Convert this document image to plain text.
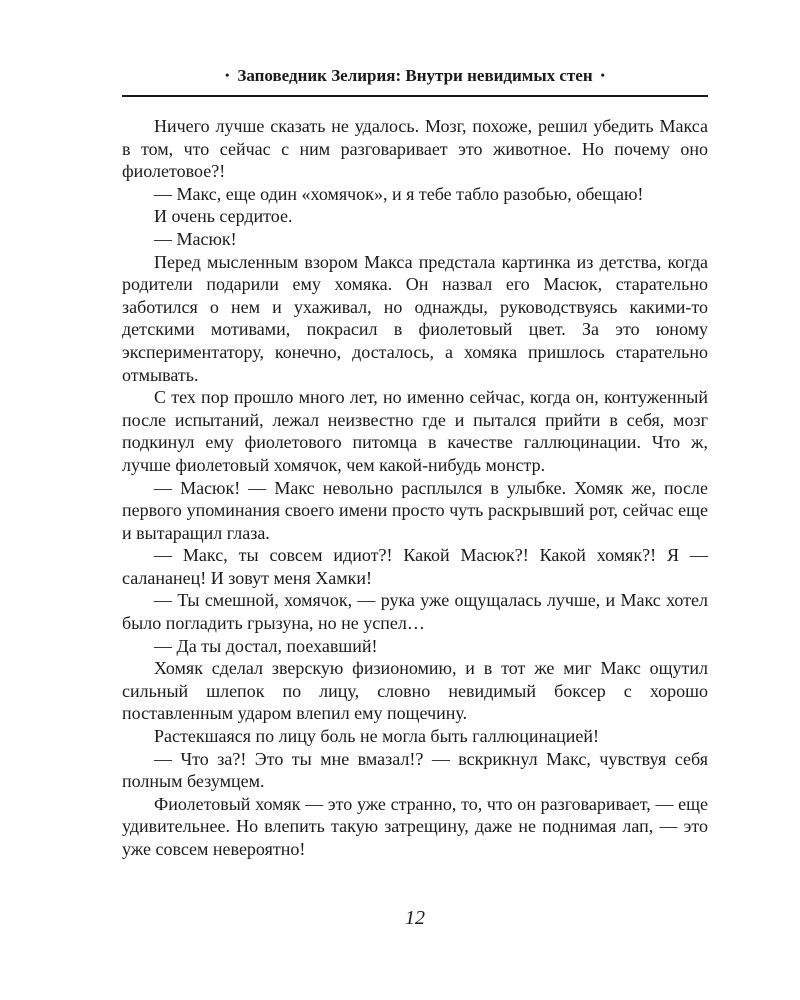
• Заповедник Зелирия: Внутри невидимых стен •

Ничего лучше сказать не удалось. Мозг, похоже, решил убедить Макса в том, что сейчас с ним разговаривает это животное. Но почему оно фиолетовое?!

— Макс, еще один «хомячок», и я тебе табло разобью, обещаю!

И очень сердитое.

— Масюк!

Перед мысленным взором Макса предстала картинка из детства, когда родители подарили ему хомяка. Он назвал его Масюк, старательно заботился о нем и ухаживал, но однажды, руководствуясь какими-то детскими мотивами, покрасил в фиолетовый цвет. За это юному экспериментатору, конечно, досталось, а хомяка пришлось старательно отмывать.

С тех пор прошло много лет, но именно сейчас, когда он, контуженный после испытаний, лежал неизвестно где и пытался прийти в себя, мозг подкинул ему фиолетового питомца в качестве галлюцинации. Что ж, лучше фиолетовый хомячок, чем какой-нибудь монстр.

— Масюк! — Макс невольно расплылся в улыбке. Хомяк же, после первого упоминания своего имени просто чуть раскрывший рот, сейчас еще и вытаращил глаза.

— Макс, ты совсем идиот?! Какой Масюк?! Какой хомяк?! Я — салананец! И зовут меня Хамки!

— Ты смешной, хомячок, — рука уже ощущалась лучше, и Макс хотел было погладить грызуна, но не успел…

— Да ты достал, поехавший!

Хомяк сделал зверскую физиономию, и в тот же миг Макс ощутил сильный шлепок по лицу, словно невидимый боксер с хорошо поставленным ударом влепил ему пощечину.

Растекшаяся по лицу боль не могла быть галлюцинацией!

— Что за?! Это ты мне вмазал!? — вскрикнул Макс, чувствуя себя полным безумцем.

Фиолетовый хомяк — это уже странно, то, что он разговаривает, — еще удивительнее. Но влепить такую затрещину, даже не поднимая лап, — это уже совсем невероятно!

12
